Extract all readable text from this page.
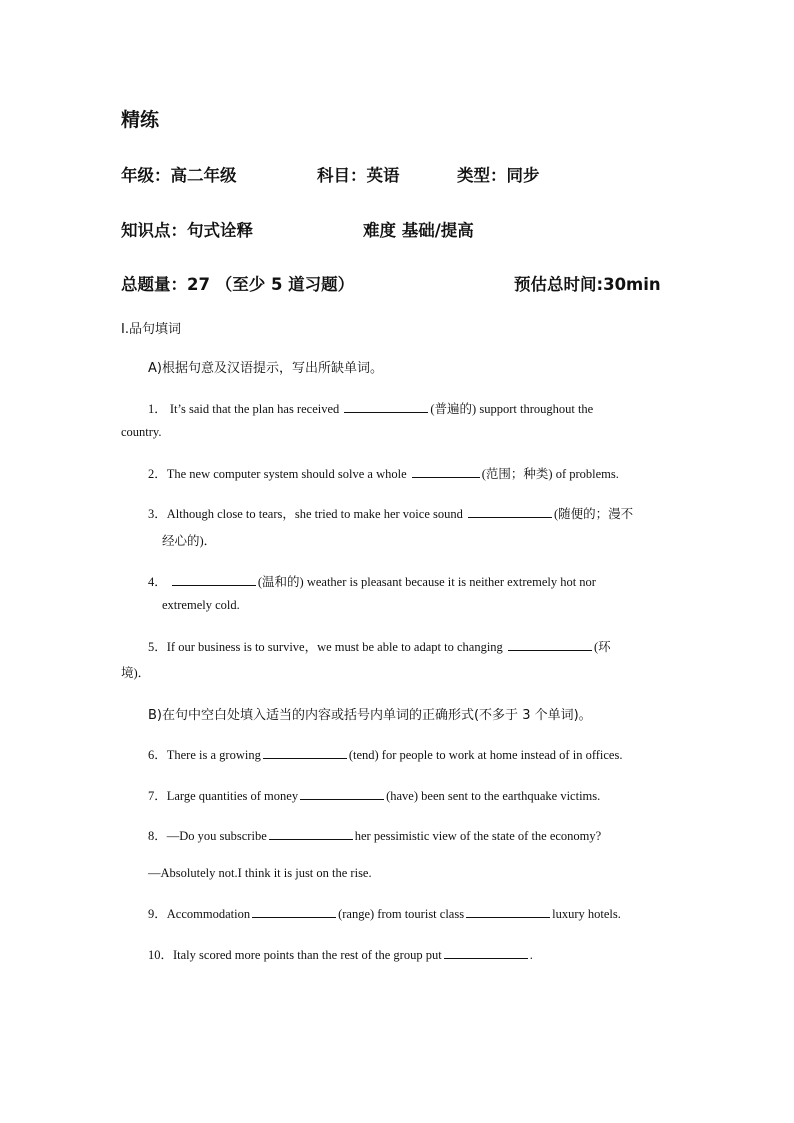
精练
年级：高二年级	科目：英语	类型：同步
知识点：句式诠释	难度 基础/提高
总题量：27 （至少 5 道习题）	预估总时间:30min
Ⅰ.品句填词
A)根据句意及汉语提示，写出所缺单词。
1． It’s said that the plan has received	(普遍的) support throughout the
country.
2．The new computer system should solve a whole	(范围；种类) of problems.
3．Although close to tears，she tried to make her voice sound	(随便的；漫不
经心的)．
4．	(温和的) weather is pleasant because it is neither extremely hot nor
extremely cold.
5．If our business is to survive，we must be able to adapt to changing	(环
境)．
B)在句中空白处填入适当的内容或括号内单词的正确形式(不多于 3 个单词)。
6．There is a growing	(tend) for people to work at home instead of in offices.
7．Large quantities of money	(have) been sent to the earthquake victims.
8．—Do you subscribe	her pessimistic view of the state of the economy?
—Absolutely not.I think it is just on the rise.
9．Accommodation	(range) from tourist class	luxury hotels.
10．Italy scored more points than the rest of the group put	.
